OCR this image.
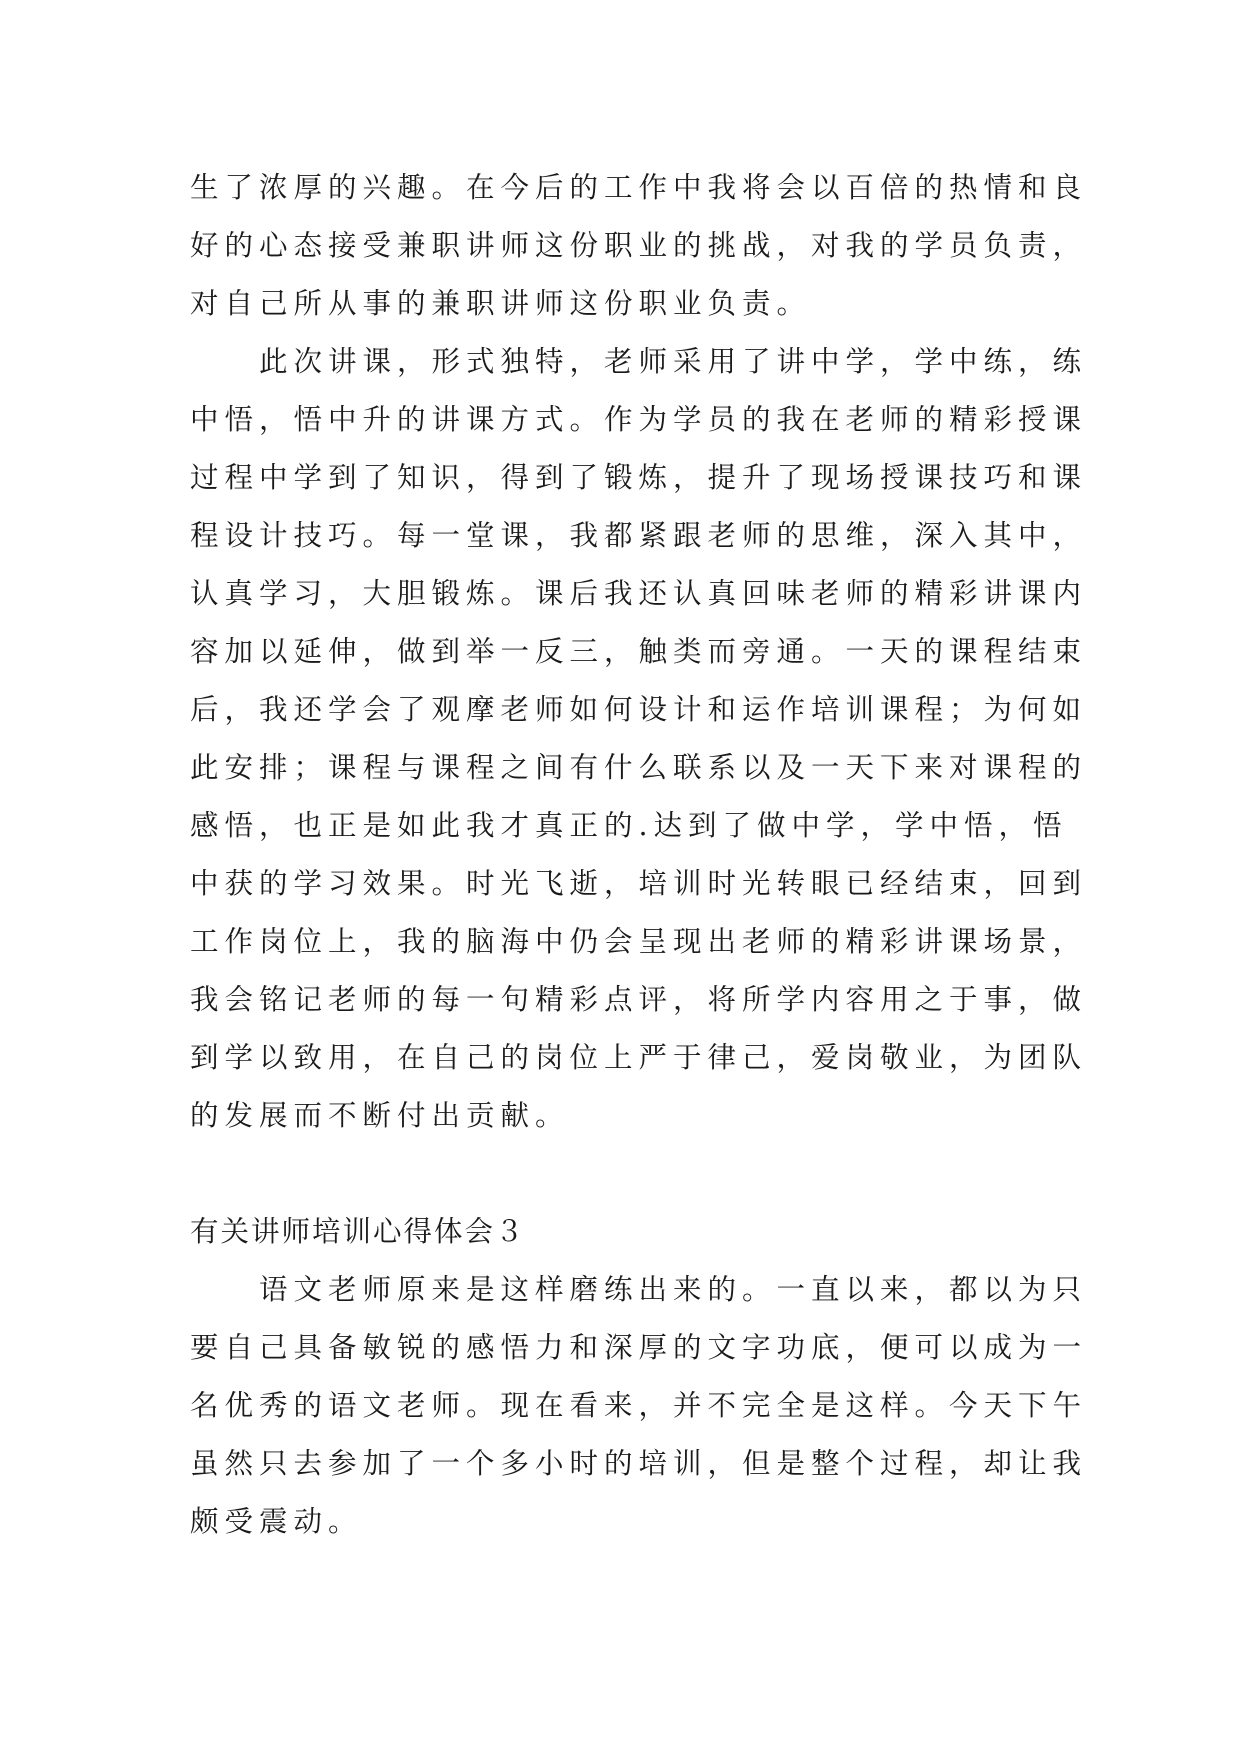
生了浓厚的兴趣。在今后的工作中我将会以百倍的热情和良
好的心态接受兼职讲师这份职业的挑战，对我的学员负责，
对自己所从事的兼职讲师这份职业负责。
　　此次讲课，形式独特，老师采用了讲中学，学中练，练
中悟，悟中升的讲课方式。作为学员的我在老师的精彩授课
过程中学到了知识，得到了锻炼，提升了现场授课技巧和课
程设计技巧。每一堂课，我都紧跟老师的思维，深入其中，
认真学习，大胆锻炼。课后我还认真回味老师的精彩讲课内
容加以延伸，做到举一反三，触类而旁通。一天的课程结束
后，我还学会了观摩老师如何设计和运作培训课程；为何如
此安排；课程与课程之间有什么联系以及一天下来对课程的
感悟，也正是如此我才真正的.达到了做中学，学中悟，悟
中获的学习效果。时光飞逝，培训时光转眼已经结束，回到
工作岗位上，我的脑海中仍会呈现出老师的精彩讲课场景，
我会铭记老师的每一句精彩点评，将所学内容用之于事，做
到学以致用，在自己的岗位上严于律己，爱岗敬业，为团队
的发展而不断付出贡献。
有关讲师培训心得体会３
　　语文老师原来是这样磨练出来的。一直以来，都以为只
要自己具备敏锐的感悟力和深厚的文字功底，便可以成为一
名优秀的语文老师。现在看来，并不完全是这样。今天下午
虽然只去参加了一个多小时的培训，但是整个过程，却让我
颇受震动。
